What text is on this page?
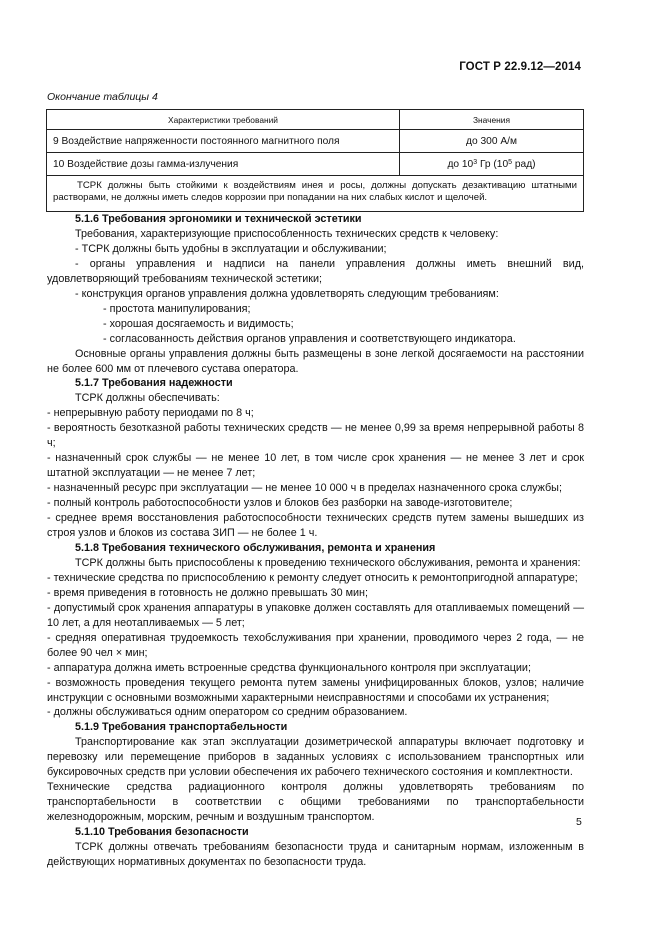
ГОСТ Р 22.9.12—2014
Окончание таблицы 4
Характеристики требований	Значения
9 Воздействие напряженности постоянного магнитного поля	до 300 А/м
10 Воздействие дозы гамма-излучения	до $10^3$ Гр ($10^5$ рад)
ТСРК должны быть стойкими к воздействиям инея и росы, должны допускать дезактивацию штатными растворами, не должны иметь следов коррозии при попадании на них слабых кислот и щелочей.	

5.1.6 Требования эргономики и технической эстетики

Требования, характеризующие приспособленность технических средств к человеку:

- ТСРК должны быть удобны в эксплуатации и обслуживании;

- органы управления и надписи на панели управления должны иметь внешний вид, удовлетворяющий требованиям технической эстетики;

- конструкция органов управления должна удовлетворять следующим требованиям:

- простота манипулирования;

- хорошая досягаемость и видимость;

- согласованность действия органов управления и соответствующего индикатора.

Основные органы управления должны быть размещены в зоне легкой досягаемости на расстоянии не более 600 мм от плечевого сустава оператора.

5.1.7 Требования надежности

ТСРК должны обеспечивать:

- непрерывную работу периодами по 8 ч;

- вероятность безотказной работы технических средств — не менее 0,99 за время непрерывной работы 8 ч;

- назначенный срок службы — не менее 10 лет, в том числе срок хранения — не менее 3 лет и срок штатной эксплуатации — не менее 7 лет;

- назначенный ресурс при эксплуатации — не менее 10 000 ч в пределах назначенного срока службы;

- полный контроль работоспособности узлов и блоков без разборки на заводе-изготовителе;

- среднее время восстановления работоспособности технических средств путем замены вышедших из строя узлов и блоков из состава ЗИП — не более 1 ч.

5.1.8 Требования технического обслуживания, ремонта и хранения

ТСРК должны быть приспособлены к проведению технического обслуживания, ремонта и хранения:

- технические средства по приспособлению к ремонту следует относить к ремонтопригодной аппаратуре;

- время приведения в готовность не должно превышать 30 мин;

- допустимый срок хранения аппаратуры в упаковке должен составлять для отапливаемых помещений — 10 лет, а для неотапливаемых — 5 лет;

- средняя оперативная трудоемкость техобслуживания при хранении, проводимого через 2 года, — не более 90 чел × мин;

- аппаратура должна иметь встроенные средства функционального контроля при эксплуатации;

- возможность проведения текущего ремонта путем замены унифицированных блоков, узлов; наличие инструкции с основными возможными характерными неисправностями и способами их устранения;

- должны обслуживаться одним оператором со средним образованием.

5.1.9 Требования транспортабельности

Транспортирование как этап эксплуатации дозиметрической аппаратуры включает подготовку и перевозку или перемещение приборов в заданных условиях с использованием транспортных или буксировочных средств при условии обеспечения их рабочего технического состояния и комплектности.

Технические средства радиационного контроля должны удовлетворять требованиям по транспортабельности в соответствии с общими требованиями по транспортабельности железнодорожным, морским, речным и воздушным транспортом.

5.1.10 Требования безопасности

ТСРК должны отвечать требованиям безопасности труда и санитарным нормам, изложенным в действующих нормативных документах по безопасности труда.

5
